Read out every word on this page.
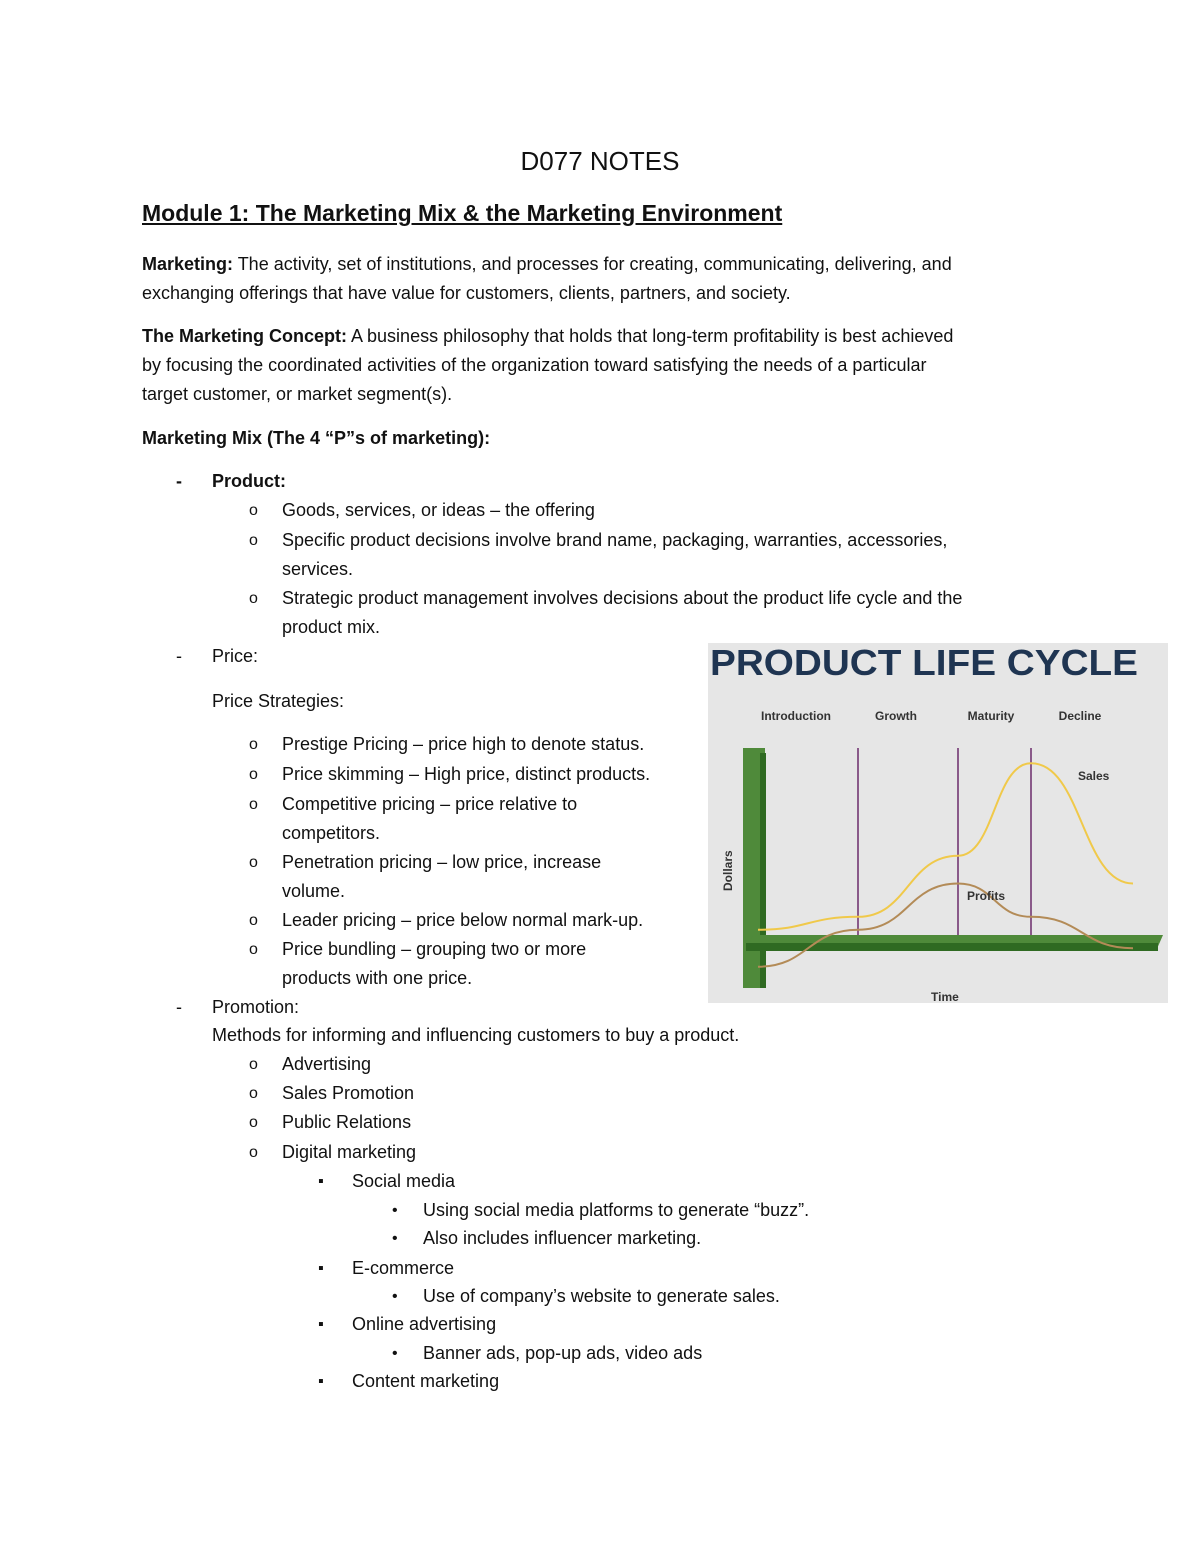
D077 NOTES
Module 1: The Marketing Mix & the Marketing Environment

Marketing: The activity, set of institutions, and processes for creating, communicating, delivering, and
exchanging offerings that have value for customers, clients, partners, and society.

The Marketing Concept: A business philosophy that holds that long-term profitability is best achieved
by focusing the coordinated activities of the organization toward satisfying the needs of a particular
target customer, or market segment(s).

Marketing Mix (The 4 “P”s of marketing):

- Product:

o Goods, services, or ideas – the offering

o Specific product decisions involve brand name, packaging, warranties, accessories,

services.

o Strategic product management involves decisions about the product life cycle and the

product mix.

- Price:

Price Strategies:

o Prestige Pricing – price high to denote status.

o Price skimming – High price, distinct products.

o Competitive pricing – price relative to

competitors.

o Penetration pricing – low price, increase

volume.

o Leader pricing – price below normal mark-up.

o Price bundling – grouping two or more

products with one price.

- Promotion:

Methods for informing and influencing customers to buy a product.

o Advertising

o Sales Promotion

o Public Relations

o Digital marketing

▪ Social media

• Using social media platforms to generate “buzz”.

• Also includes influencer marketing.

▪ E-commerce

• Use of company’s website to generate sales.

▪ Online advertising

• Banner ads, pop-up ads, video ads

▪ Content marketing

PRODUCT LIFE CYCLE
Introduction	Growth	Maturity	Decline
Sales
Profits
Time
Dollars
